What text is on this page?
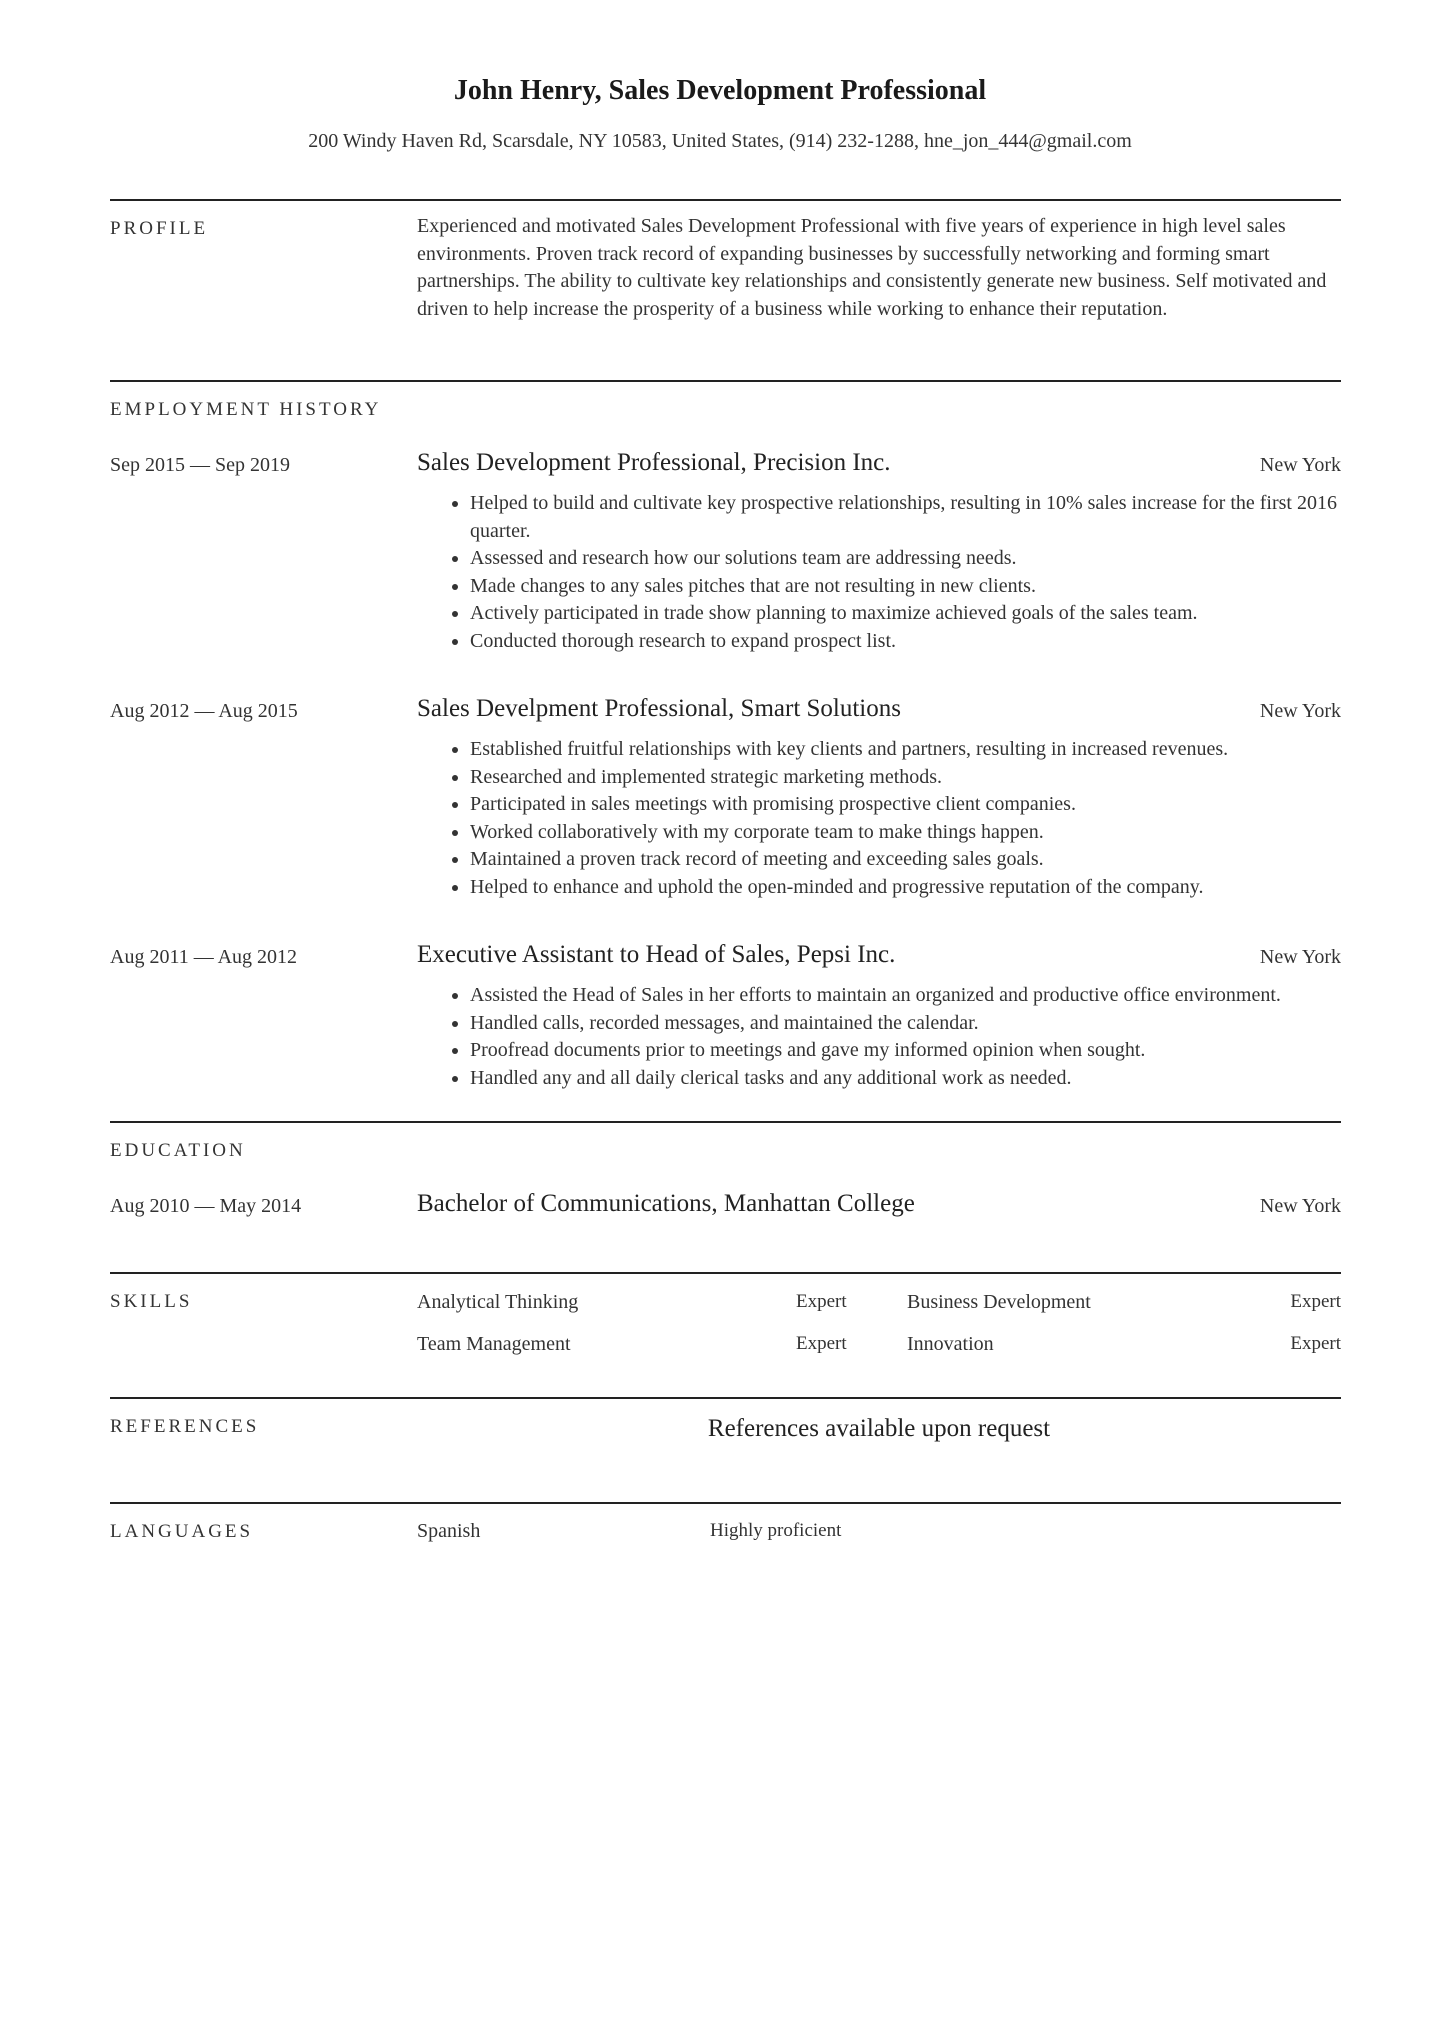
John Henry, Sales Development Professional
200 Windy Haven Rd, Scarsdale, NY 10583, United States, (914) 232-1288, hne_jon_444@gmail.com
PROFILE	Experienced and motivated Sales Development Professional with five years of experience in high level sales environments. Proven track record of expanding businesses by successfully networking and forming smart partnerships. The ability to cultivate key relationships and consistently generate new business. Self motivated and driven to help increase the prosperity of a business while working to enhance their reputation.
EMPLOYMENT HISTORY
Sep 2015 — Sep 2019	Sales Development Professional, Precision Inc.	New York
• Helped to build and cultivate key prospective relationships, resulting in 10% sales increase for the first 2016 quarter.
• Assessed and research how our solutions team are addressing needs.
• Made changes to any sales pitches that are not resulting in new clients.
• Actively participated in trade show planning to maximize achieved goals of the sales team.
• Conducted thorough research to expand prospect list.
Aug 2012 — Aug 2015	Sales Develpment Professional, Smart Solutions	New York
• Established fruitful relationships with key clients and partners, resulting in increased revenues.
• Researched and implemented strategic marketing methods.
• Participated in sales meetings with promising prospective client companies.
• Worked collaboratively with my corporate team to make things happen.
• Maintained a proven track record of meeting and exceeding sales goals.
• Helped to enhance and uphold the open-minded and progressive reputation of the company.
Aug 2011 — Aug 2012	Executive Assistant to Head of Sales, Pepsi Inc.	New York
• Assisted the Head of Sales in her efforts to maintain an organized and productive office environment.
• Handled calls, recorded messages, and maintained the calendar.
• Proofread documents prior to meetings and gave my informed opinion when sought.
• Handled any and all daily clerical tasks and any additional work as needed.
EDUCATION
Aug 2010 — May 2014	Bachelor of Communications, Manhattan College	New York
SKILLS	Analytical Thinking	Expert	Business Development	Expert
Team Management	Expert	Innovation	Expert
REFERENCES	References available upon request
LANGUAGES	Spanish	Highly proficient
